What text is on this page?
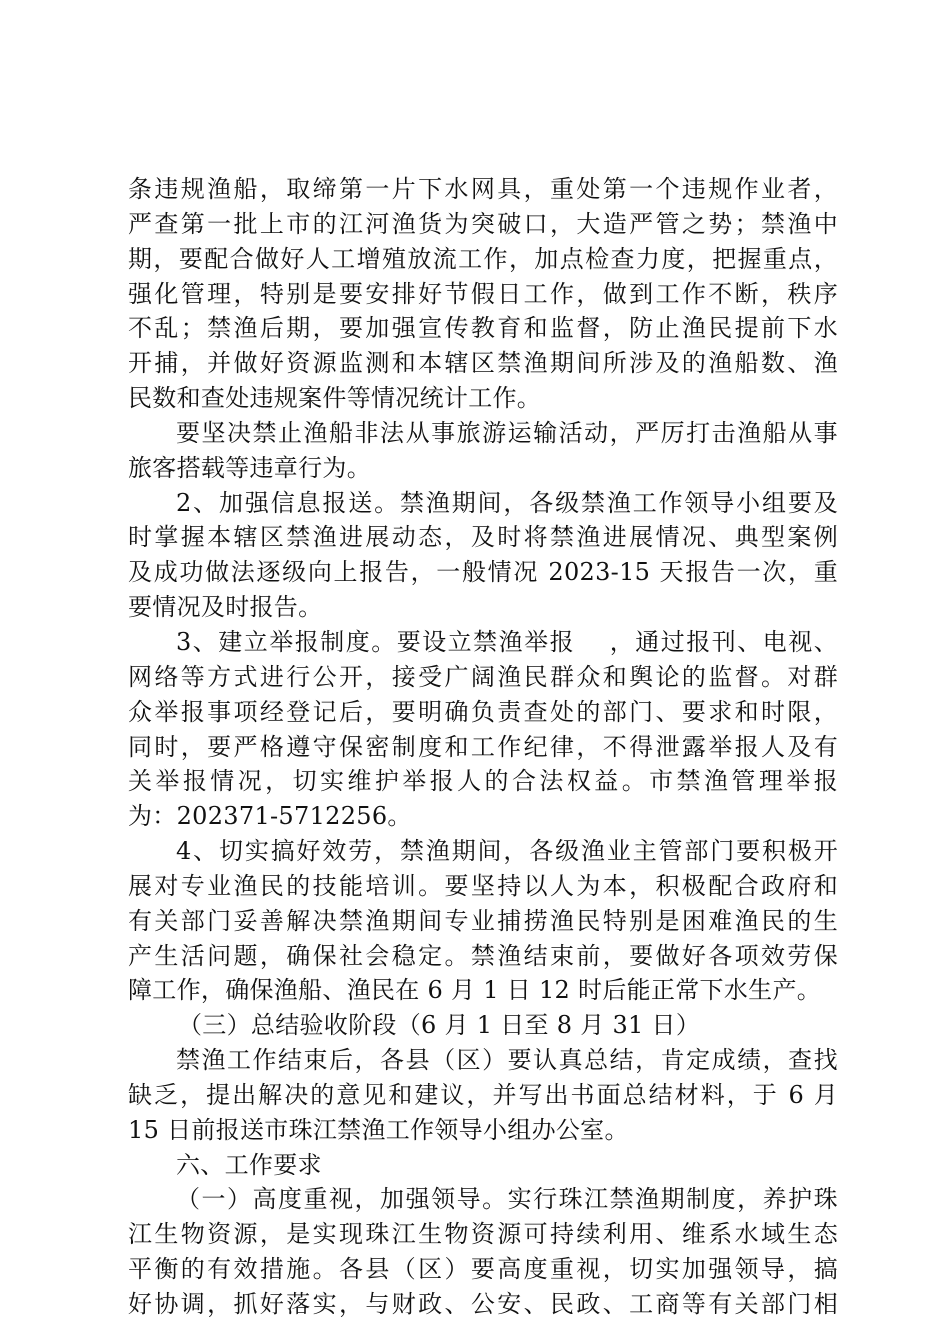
条违规渔船，取缔第一片下水网具，重处第一个违规作业者，
严查第一批上市的江河渔货为突破口，大造严管之势；禁渔中
期，要配合做好人工增殖放流工作，加点检查力度，把握重点，
强化管理，特别是要安排好节假日工作，做到工作不断，秩序
不乱；禁渔后期，要加强宣传教育和监督，防止渔民提前下水
开捕，并做好资源监测和本辖区禁渔期间所涉及的渔船数、渔
民数和查处违规案件等情况统计工作。
要坚决禁止渔船非法从事旅游运输活动，严厉打击渔船从事
旅客搭载等违章行为。
2、加强信息报送。禁渔期间，各级禁渔工作领导小组要及
时掌握本辖区禁渔进展动态，及时将禁渔进展情况、典型案例
及成功做法逐级向上报告，一般情况 2023-15 天报告一次，重
要情况及时报告。
3、建立举报制度。要设立禁渔举报　 ，通过报刊、电视、
网络等方式进行公开，接受广阔渔民群众和舆论的监督。对群
众举报事项经登记后，要明确负责查处的部门、要求和时限，
同时，要严格遵守保密制度和工作纪律，不得泄露举报人及有
关举报情况，切实维护举报人的合法权益。市禁渔管理举报
为：202371-5712256。
4、切实搞好效劳，禁渔期间，各级渔业主管部门要积极开
展对专业渔民的技能培训。要坚持以人为本，积极配合政府和
有关部门妥善解决禁渔期间专业捕捞渔民特别是困难渔民的生
产生活问题，确保社会稳定。禁渔结束前，要做好各项效劳保
障工作，确保渔船、渔民在 6 月 1 日 12 时后能正常下水生产。
（三）总结验收阶段（6 月 1 日至 8 月 31 日）
禁渔工作结束后，各县（区）要认真总结，肯定成绩，查找
缺乏，提出解决的意见和建议，并写出书面总结材料，于 6 月
15 日前报送市珠江禁渔工作领导小组办公室。
六、工作要求
（一）高度重视，加强领导。实行珠江禁渔期制度，养护珠
江生物资源，是实现珠江生物资源可持续利用、维系水域生态
平衡的有效措施。各县（区）要高度重视，切实加强领导，搞
好协调，抓好落实，与财政、公安、民政、工商等有关部门相
